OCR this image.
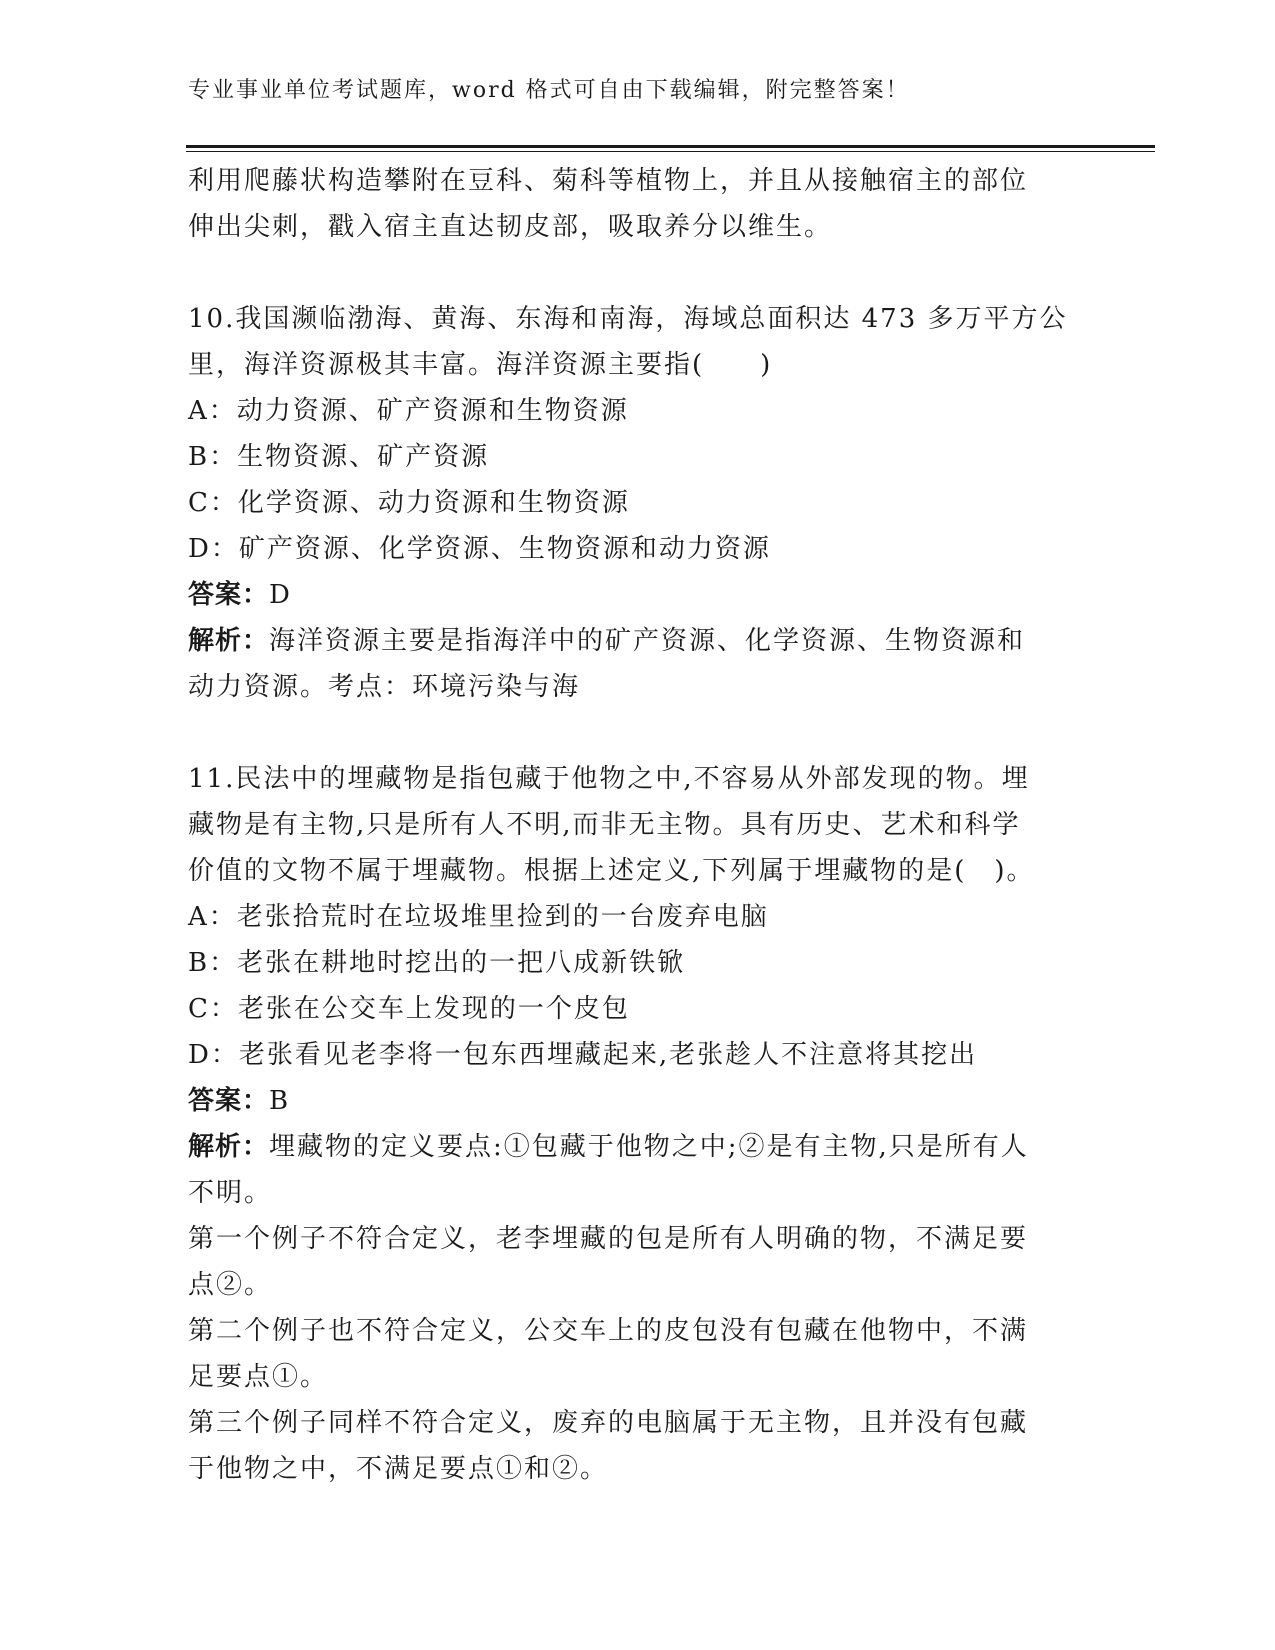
专业事业单位考试题库，word 格式可自由下载编辑，附完整答案！
利用爬藤状构造攀附在豆科、菊科等植物上，并且从接触宿主的部位
伸出尖刺，戳入宿主直达韧皮部，吸取养分以维生。
10.我国濒临渤海、黄海、东海和南海，海域总面积达 473 多万平方公
里，海洋资源极其丰富。海洋资源主要指(　　)
A：动力资源、矿产资源和生物资源
B：生物资源、矿产资源
C：化学资源、动力资源和生物资源
D：矿产资源、化学资源、生物资源和动力资源
答案：D
解析：海洋资源主要是指海洋中的矿产资源、化学资源、生物资源和
动力资源。考点：环境污染与海
11.民法中的埋藏物是指包藏于他物之中,不容易从外部发现的物。埋
藏物是有主物,只是所有人不明,而非无主物。具有历史、艺术和科学
价值的文物不属于埋藏物。根据上述定义,下列属于埋藏物的是(　)。
A：老张拾荒时在垃圾堆里捡到的一台废弃电脑
B：老张在耕地时挖出的一把八成新铁锨
C：老张在公交车上发现的一个皮包
D：老张看见老李将一包东西埋藏起来,老张趁人不注意将其挖出
答案：B
解析：埋藏物的定义要点:①包藏于他物之中;②是有主物,只是所有人
不明。
第一个例子不符合定义，老李埋藏的包是所有人明确的物，不满足要
点②。
第二个例子也不符合定义，公交车上的皮包没有包藏在他物中，不满
足要点①。
第三个例子同样不符合定义，废弃的电脑属于无主物，且并没有包藏
于他物之中，不满足要点①和②。
